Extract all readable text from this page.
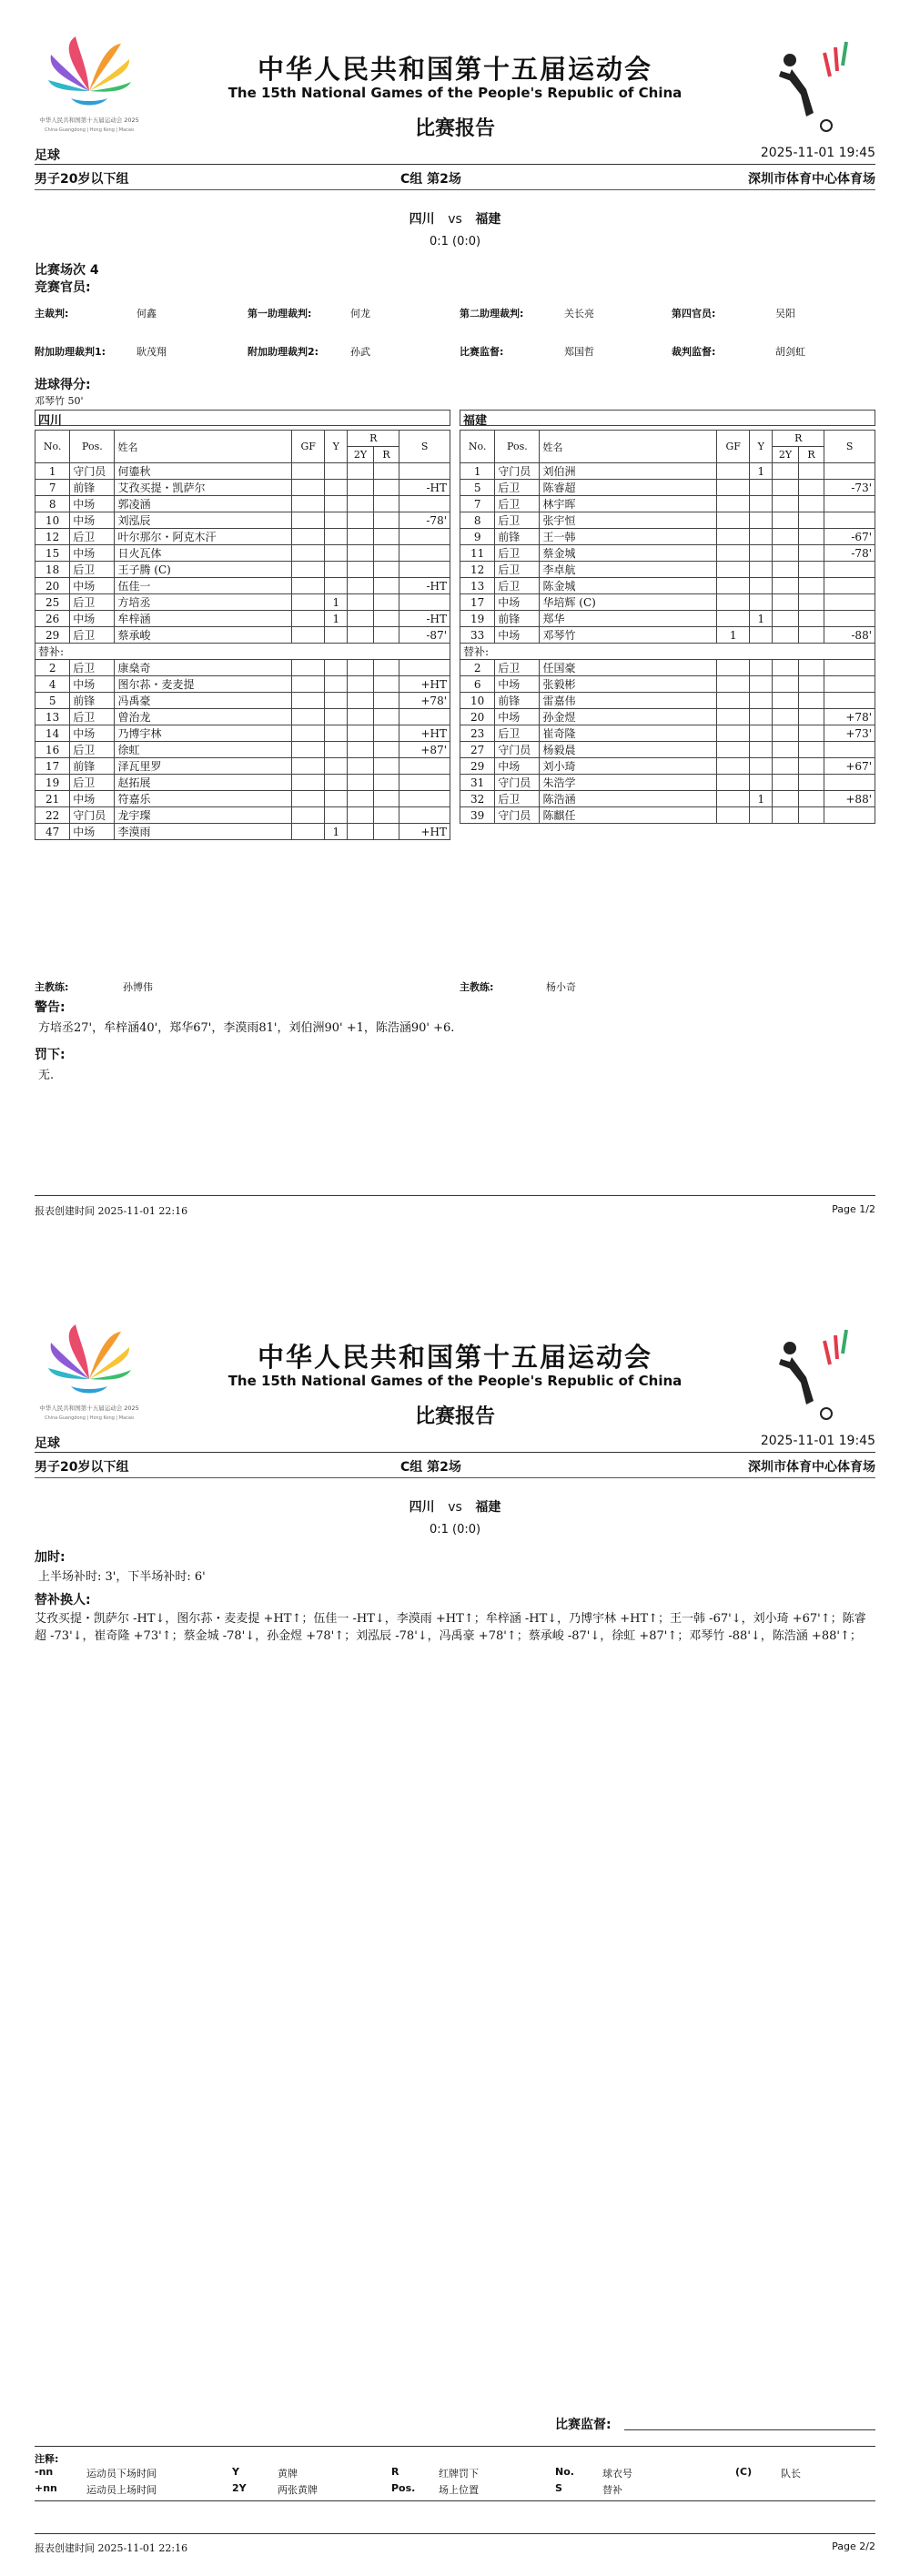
中华人民共和国第十五届运动会 2025
China·Guangdong | Hong Kong | Macao
中华人民共和国第十五届运动会
The 15th National Games of the People's Republic of China
比赛报告
足球	2025-11-01 19:45
男子20岁以下组	C组 第2场	深圳市体育中心体育场
四川 vs 福建
0:1 (0:0)
比赛场次 4
竞赛官员:
主裁判:	何鑫	第一助理裁判:	何龙	第二助理裁判:	关长亮	第四官员:	吴阳
附加助理裁判1:	耿茂翔	附加助理裁判2:	孙武	比赛监督:	郑国哲	裁判监督:	胡剑虹
进球得分:
邓琴竹 50'
四川	福建
No.	Pos.	姓名	GF	Y	R		S
					2Y	R	
1	守门员	何鎏秋					
7	前锋	艾孜买提・凯萨尔					-HT
8	中场	郭凌涵					
10	中场	刘泓辰					-78'
12	后卫	叶尔那尔・阿克木汗					
15	中场	日火瓦体					
18	后卫	王子腾 (C)					
20	中场	伍佳一					-HT
25	后卫	方培丞		1			
26	中场	牟梓涵		1			-HT
29	后卫	蔡承峻					-87'
替补:							
2	后卫	康燊奇					
4	中场	图尔荪・麦麦提					+HT
5	前锋	冯禹豪					+78'
13	后卫	曾治龙					
14	中场	乃博宇林					+HT
16	后卫	徐虹					+87'
17	前锋	泽瓦里罗					
19	后卫	赵拓展					
21	中场	符嘉乐					
22	守门员	龙宇璨					
47	中场	李漠雨		1			+HT
No.	Pos.	姓名	GF	Y	R		S
					2Y	R	
1	守门员	刘伯洲		1			
5	后卫	陈睿超					-73'
7	后卫	林宇晖					
8	后卫	张宇恒					
9	前锋	王一韩					-67'
11	后卫	蔡金城					-78'
12	后卫	李卓航					
13	后卫	陈金城					
17	中场	华培辉 (C)					
19	前锋	郑华		1			
33	中场	邓琴竹	1				-88'
替补:							
2	后卫	任国豪					
6	中场	张毅彬					
10	前锋	雷嘉伟					
20	中场	孙金煜					+78'
23	后卫	崔奇隆					+73'
27	守门员	杨毅晨					
29	中场	刘小琦					+67'
31	守门员	朱浩学					
32	后卫	陈浩涵		1			+88'
39	守门员	陈麒任					
主教练:	孙博伟	主教练:	杨小奇
警告:
方培丞27'，牟梓涵40'，郑华67'，李漠雨81'，刘伯洲90' +1，陈浩涵90' +6.
罚下:
无.
报表创建时间 2025-11-01 22:16	Page 1/2
中华人民共和国第十五届运动会 2025
China·Guangdong | Hong Kong | Macao
中华人民共和国第十五届运动会
The 15th National Games of the People's Republic of China
比赛报告
足球	2025-11-01 19:45
男子20岁以下组	C组 第2场	深圳市体育中心体育场
四川 vs 福建
0:1 (0:0)
加时:
上半场补时: 3'，下半场补时: 6'
替补换人:
艾孜买提・凯萨尔 -HT↓，图尔荪・麦麦提 +HT↑；伍佳一 -HT↓，李漠雨 +HT↑；牟梓涵 -HT↓，乃博宇林 +HT↑；王一韩 -67'↓，刘小琦 +67'↑；陈睿超 -73'↓，崔奇隆 +73'↑；蔡金城 -78'↓，孙金煜 +78'↑；刘泓辰 -78'↓，冯禹豪 +78'↑；蔡承峻 -87'↓，徐虹 +87'↑；邓琴竹 -88'↓，陈浩涵 +88'↑；
比赛监督:
注释:
-nn	运动员下场时间	Y	黄牌	R	红牌罚下	No.	球衣号	(C)	队长
+nn	运动员上场时间	2Y	两张黄牌	Pos. 场上位置	S	替补
报表创建时间 2025-11-01 22:16	Page 2/2
